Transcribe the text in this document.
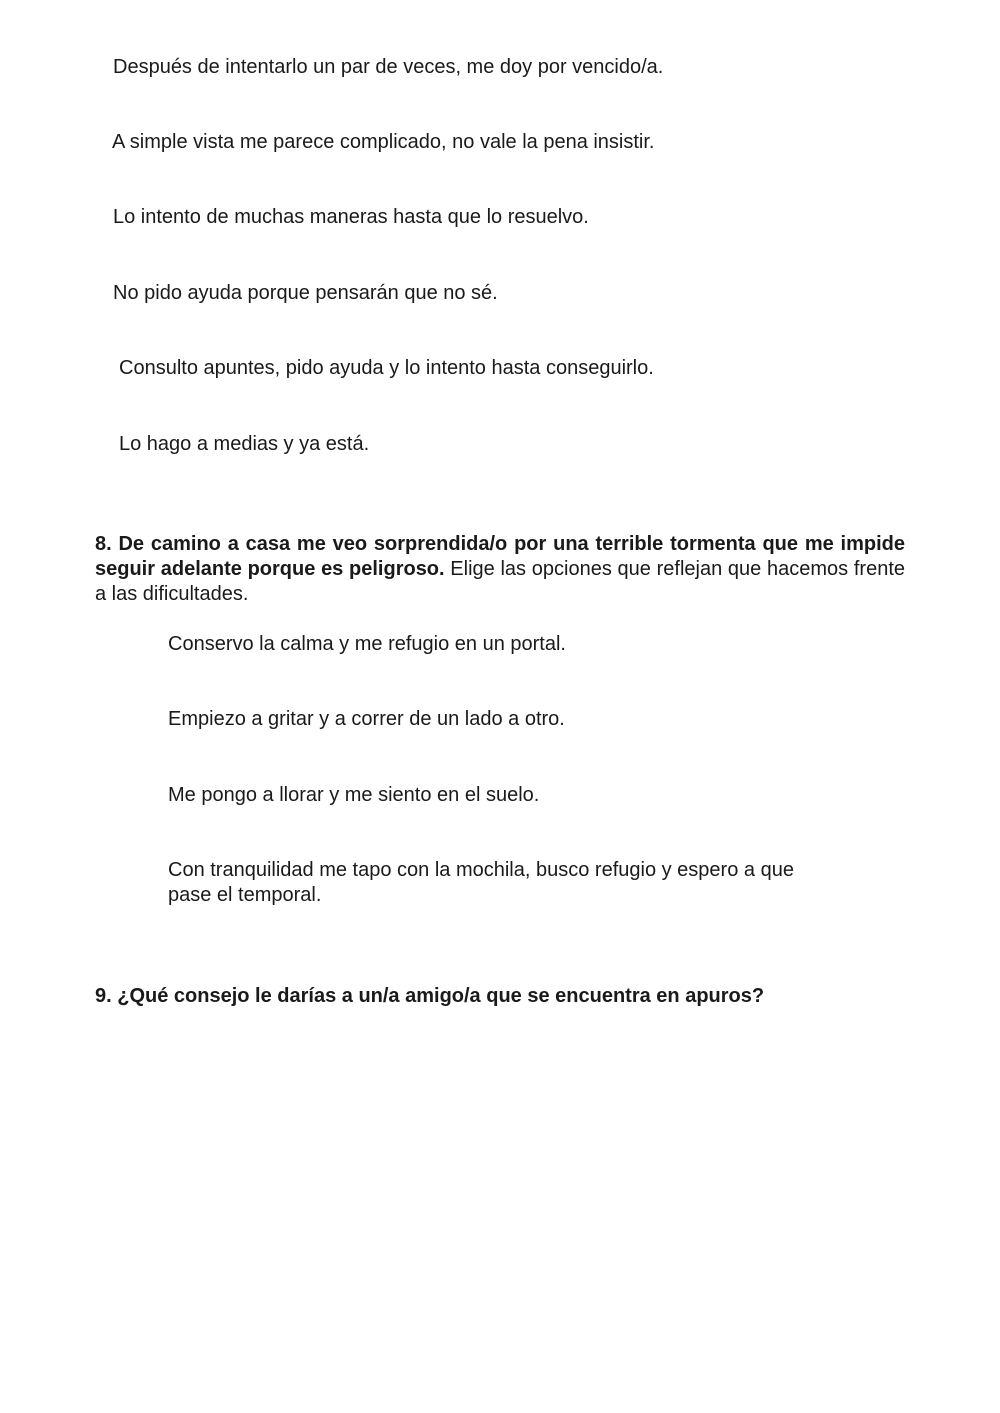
Después de intentarlo un par de veces, me doy por vencido/a.
A simple vista me parece complicado, no vale la pena insistir.
Lo intento de muchas maneras hasta que lo resuelvo.
No pido ayuda porque pensarán que no sé.
Consulto apuntes, pido ayuda y lo intento hasta conseguirlo.
Lo hago a medias y ya está.
8. De camino a casa me veo sorprendida/o por una terrible tormenta que me impide seguir adelante porque es peligroso. Elige las opciones que reflejan que hacemos frente a las dificultades.
Conservo la calma y me refugio en un portal.
Empiezo a gritar y a correr de un lado a otro.
Me pongo a llorar y me siento en el suelo.
Con tranquilidad me tapo con la mochila, busco refugio y espero a que pase el temporal.
9. ¿Qué consejo le darías a un/a amigo/a que se encuentra en apuros?
